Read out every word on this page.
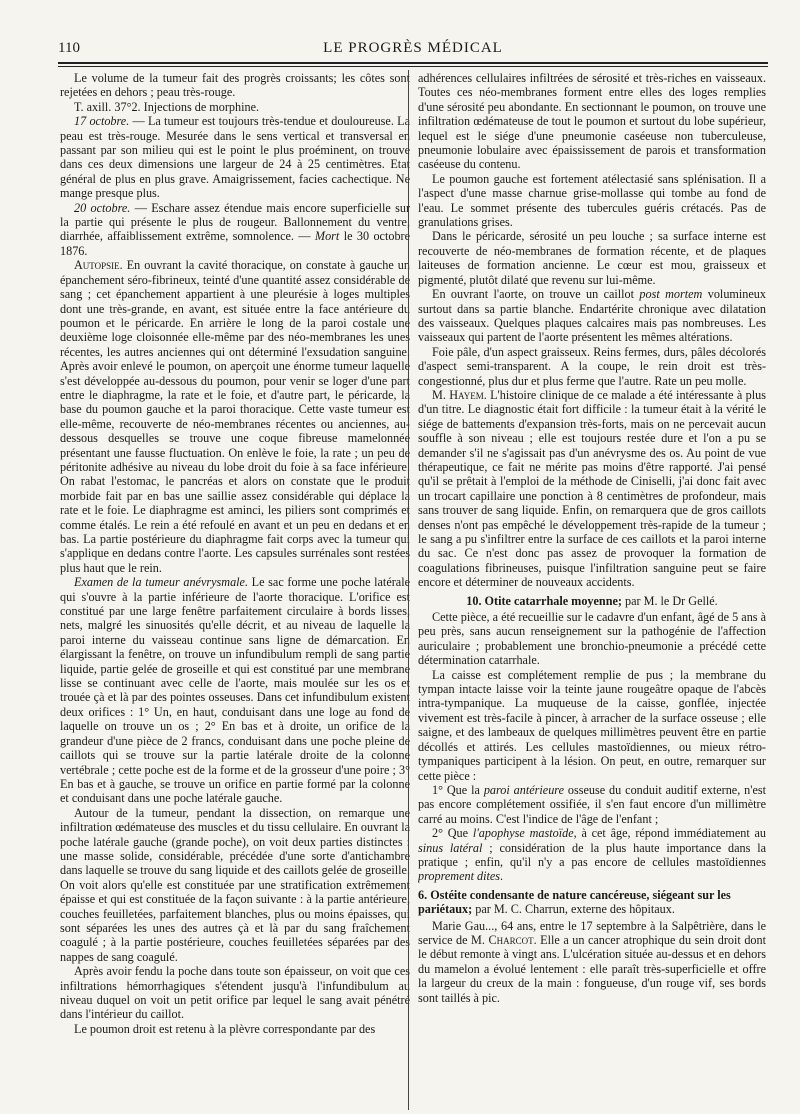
110	LE PROGRÈS MÉDICAL

Le volume de la tumeur fait des progrès croissants; les côtes sont rejetées en dehors ; peau très-rouge.

T. axill. 37°2. Injections de morphine.

17 octobre. — La tumeur est toujours très-tendue et douloureuse. La peau est très-rouge. Mesurée dans le sens vertical et transversal en passant par son milieu qui est le point le plus proéminent, on trouve dans ces deux dimensions une largeur de 24 à 25 centimètres. Etat général de plus en plus grave. Amaigrissement, facies cachectique. Ne mange presque plus.

20 octobre. — Eschare assez étendue mais encore superficielle sur la partie qui présente le plus de rougeur. Ballonnement du ventre, diarrhée, affaiblissement extrême, somnolence. — Mort le 30 octobre 1876.

Autopsie. En ouvrant la cavité thoracique, on constate à gauche un épanchement séro-fibrineux, teinté d'une quantité assez considérable de sang ; cet épanchement appartient à une pleurésie à loges multiples dont une très-grande, en avant, est située entre la face antérieure du poumon et le péricarde. En arrière le long de la paroi costale une deuxième loge cloisonnée elle-même par des néo-membranes les unes récentes, les autres anciennes qui ont déterminé l'exsudation sanguine. Après avoir enlevé le poumon, on aperçoit une énorme tumeur laquelle s'est développée au-dessous du poumon, pour venir se loger d'une part entre le diaphragme, la rate et le foie, et d'autre part, le péricarde, la base du poumon gauche et la paroi thoracique. Cette vaste tumeur est elle-même, recouverte de néo-membranes récentes ou anciennes, au-dessous desquelles se trouve une coque fibreuse mamelonnée présentant une fausse fluctuation. On enlève le foie, la rate ; un peu de péritonite adhésive au niveau du lobe droit du foie à sa face inférieure. On rabat l'estomac, le pancréas et alors on constate que le produit morbide fait par en bas une saillie assez considérable qui déplace la rate et le foie. Le diaphragme est aminci, les piliers sont comprimés et comme étalés. Le rein a été refoulé en avant et un peu en dedans et en bas. La partie postérieure du diaphragme fait corps avec la tumeur qui s'applique en dedans contre l'aorte. Les capsules surrénales sont restées plus haut que le rein.

Examen de la tumeur anévrysmale. Le sac forme une poche latérale qui s'ouvre à la partie inférieure de l'aorte thoracique. L'orifice est constitué par une large fenêtre parfaitement circulaire à bords lisses, nets, malgré les sinuosités qu'elle décrit, et au niveau de laquelle la paroi interne du vaisseau continue sans ligne de démarcation. En élargissant la fenêtre, on trouve un infundibulum rempli de sang partie liquide, partie gelée de groseille et qui est constitué par une membrane lisse se continuant avec celle de l'aorte, mais moulée sur les os et trouée çà et là par des pointes osseuses. Dans cet infundibulum existent deux orifices : 1° Un, en haut, conduisant dans une loge au fond de laquelle on trouve un os ; 2° En bas et à droite, un orifice de la grandeur d'une pièce de 2 francs, conduisant dans une poche pleine de caillots qui se trouve sur la partie latérale droite de la colonne vertébrale ; cette poche est de la forme et de la grosseur d'une poire ; 3° En bas et à gauche, se trouve un orifice en partie formé par la colonne et conduisant dans une poche latérale gauche.

Autour de la tumeur, pendant la dissection, on remarque une infiltration œdémateuse des muscles et du tissu cellulaire. En ouvrant la poche latérale gauche (grande poche), on voit deux parties distinctes : une masse solide, considérable, précédée d'une sorte d'antichambre dans laquelle se trouve du sang liquide et des caillots gelée de groseille. On voit alors qu'elle est constituée par une stratification extrêmement épaisse et qui est constituée de la façon suivante : à la partie antérieure, couches feuilletées, parfaitement blanches, plus ou moins épaisses, qui sont séparées les unes des autres çà et là par du sang fraîchement coagulé ; à la partie postérieure, couches feuilletées séparées par des nappes de sang coagulé.

Après avoir fendu la poche dans toute son épaisseur, on voit que ces infiltrations hémorrhagiques s'étendent jusqu'à l'infundibulum au niveau duquel on voit un petit orifice par lequel le sang avait pénétré dans l'intérieur du caillot.

Le poumon droit est retenu à la plèvre correspondante par des

adhérences cellulaires infiltrées de sérosité et très-riches en vaisseaux. Toutes ces néo-membranes forment entre elles des loges remplies d'une sérosité peu abondante. En sectionnant le poumon, on trouve une infiltration œdémateuse de tout le poumon et surtout du lobe supérieur, lequel est le siége d'une pneumonie caséeuse non tuberculeuse, pneumonie lobulaire avec épaississement de parois et transformation caséeuse du contenu.

Le poumon gauche est fortement atélectasié sans splénisation. Il a l'aspect d'une masse charnue grise-mollasse qui tombe au fond de l'eau. Le sommet présente des tubercules guéris crétacés. Pas de granulations grises.

Dans le péricarde, sérosité un peu louche ; sa surface interne est recouverte de néo-membranes de formation récente, et de plaques laiteuses de formation ancienne. Le cœur est mou, graisseux et pigmenté, plutôt dilaté que revenu sur lui-même.

En ouvrant l'aorte, on trouve un caillot post mortem volumineux surtout dans sa partie blanche. Endartérite chronique avec dilatation des vaisseaux. Quelques plaques calcaires mais pas nombreuses. Les vaisseaux qui partent de l'aorte présentent les mêmes altérations.

Foie pâle, d'un aspect graisseux. Reins fermes, durs, pâles décolorés d'aspect semi-transparent. A la coupe, le rein droit est très-congestionné, plus dur et plus ferme que l'autre. Rate un peu molle.

M. Hayem. L'histoire clinique de ce malade a été intéressante à plus d'un titre. Le diagnostic était fort difficile : la tumeur était à la vérité le siége de battements d'expansion très-forts, mais on ne percevait aucun souffle à son niveau ; elle est toujours restée dure et l'on a pu se demander s'il ne s'agissait pas d'un anévrysme des os. Au point de vue thérapeutique, ce fait ne mérite pas moins d'être rapporté. J'ai pensé qu'il se prêtait à l'emploi de la méthode de Ciniselli, j'ai donc fait avec un trocart capillaire une ponction à 8 centimètres de profondeur, mais sans trouver de sang liquide. Enfin, on remarquera que de gros caillots denses n'ont pas empêché le développement très-rapide de la tumeur ; le sang a pu s'infiltrer entre la surface de ces caillots et la paroi interne du sac. Ce n'est donc pas assez de provoquer la formation de coagulations fibrineuses, puisque l'infiltration sanguine peut se faire encore et déterminer de nouveaux accidents.

10. Otite catarrhale moyenne; par M. le Dr Gellé.

Cette pièce, a été recueillie sur le cadavre d'un enfant, âgé de 5 ans à peu près, sans aucun renseignement sur la pathogénie de l'affection auriculaire ; probablement une bronchio-pneumonie a précédé cette détermination catarrhale.

La caisse est complétement remplie de pus ; la membrane du tympan intacte laisse voir la teinte jaune rougeâtre opaque de l'abcès intra-tympanique. La muqueuse de la caisse, gonflée, injectée vivement est très-facile à pincer, à arracher de la surface osseuse ; elle saigne, et des lambeaux de quelques millimètres peuvent être en partie décollés et attirés. Les cellules mastoïdiennes, ou mieux rétro-tympaniques participent à la lésion. On peut, en outre, remarquer sur cette pièce :

1° Que la paroi antérieure osseuse du conduit auditif externe, n'est pas encore complétement ossifiée, il s'en faut encore d'un millimètre carré au moins. C'est l'indice de l'âge de l'enfant ;

2° Que l'apophyse mastoïde, à cet âge, répond immédiatement au sinus latéral ; considération de la plus haute importance dans la pratique ; enfin, qu'il n'y a pas encore de cellules mastoïdiennes proprement dites.

6. Ostéite condensante de nature cancéreuse, siégeant sur les pariétaux; par M. C. Charrun, externe des hôpitaux.

Marie Gau..., 64 ans, entre le 17 septembre à la Salpêtrière, dans le service de M. Charcot. Elle a un cancer atrophique du sein droit dont le début remonte à vingt ans. L'ulcération située au-dessus et en dehors du mamelon a évolué lentement : elle paraît très-superficielle et offre la largeur du creux de la main : fongueuse, d'un rouge vif, ses bords sont taillés à pic.
